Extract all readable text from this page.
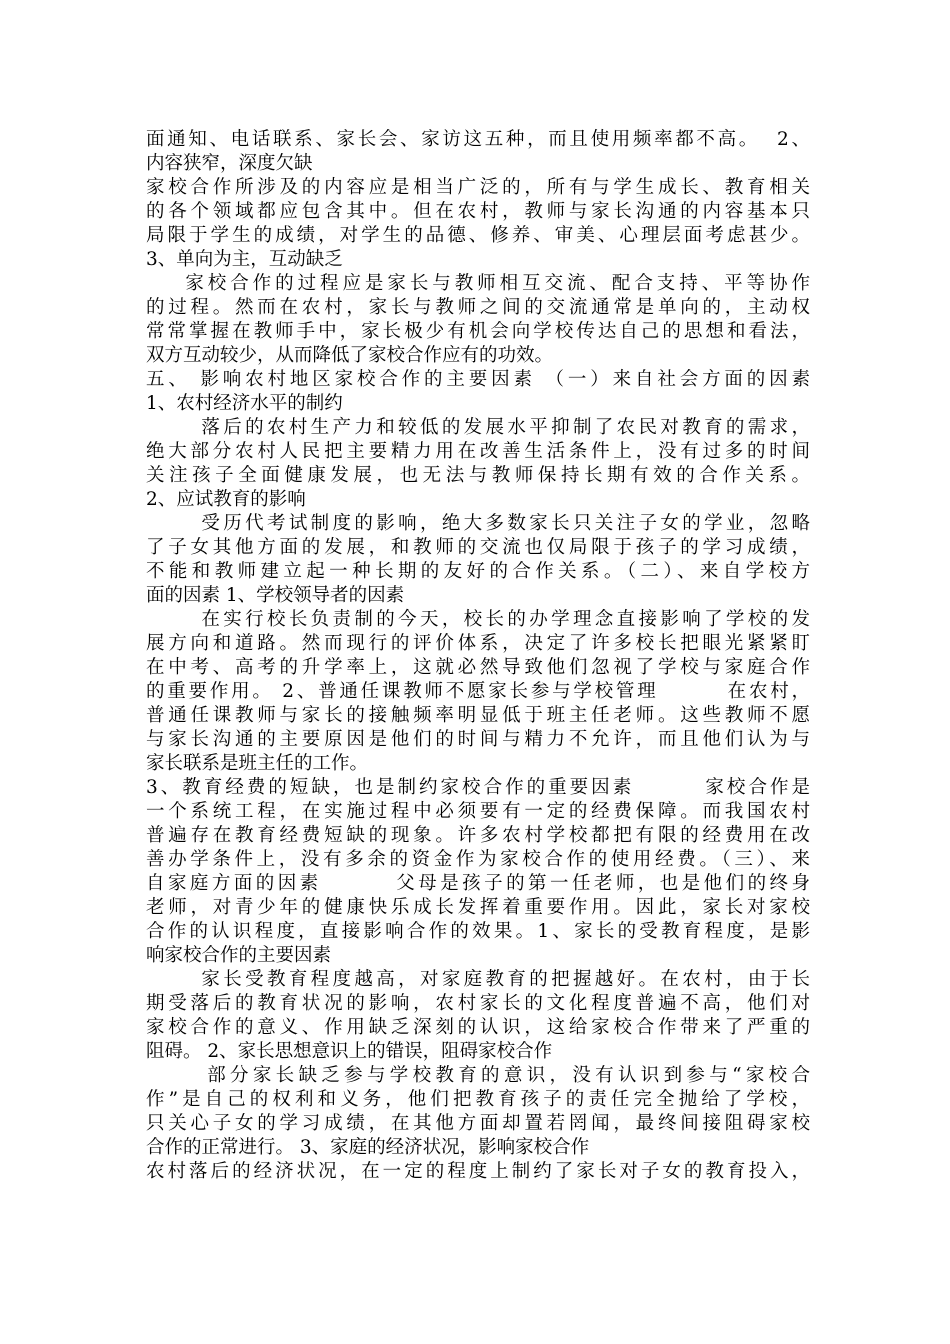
面通知、电话联系、家长会、家访这五种，而且使用频率都不高。  2、
内容狭窄，深度欠缺
家校合作所涉及的内容应是相当广泛的，所有与学生成长、教育相关
的各个领域都应包含其中。但在农村，教师与家长沟通的内容基本只
局限于学生的成绩，对学生的品德、修养、审美、心理层面考虑甚少。
3、单向为主，互动缺乏
家校合作的过程应是家长与教师相互交流、配合支持、平等协作
的过程。然而在农村，家长与教师之间的交流通常是单向的，主动权
常常掌握在教师手中，家长极少有机会向学校传达自己的思想和看法，
双方互动较少，从而降低了家校合作应有的功效。
五、 影响农村地区家校合作的主要因素 （一）来自社会方面的因素
1、农村经济水平的制约
落后的农村生产力和较低的发展水平抑制了农民对教育的需求，
绝大部分农村人民把主要精力用在改善生活条件上，没有过多的时间
关注孩子全面健康发展，也无法与教师保持长期有效的合作关系。
2、应试教育的影响
受历代考试制度的影响，绝大多数家长只关注子女的学业，忽略
了子女其他方面的发展，和教师的交流也仅局限于孩子的学习成绩，
不能和教师建立起一种长期的友好的合作关系。（二）、来自学校方
面的因素 1、学校领导者的因素
在实行校长负责制的今天，校长的办学理念直接影响了学校的发
展方向和道路。然而现行的评价体系，决定了许多校长把眼光紧紧盯
在中考、高考的升学率上，这就必然导致他们忽视了学校与家庭合作
的重要作用。 2、普通任课教师不愿家长参与学校管理        在农村，
普通任课教师与家长的接触频率明显低于班主任老师。这些教师不愿
与家长沟通的主要原因是他们的时间与精力不允许，而且他们认为与
家长联系是班主任的工作。
3、教育经费的短缺，也是制约家校合作的重要因素        家校合作是
一个系统工程，在实施过程中必须要有一定的经费保障。而我国农村
普遍存在教育经费短缺的现象。许多农村学校都把有限的经费用在改
善办学条件上，没有多余的资金作为家校合作的使用经费。（三）、来
自家庭方面的因素        父母是孩子的第一任老师，也是他们的终身
老师，对青少年的健康快乐成长发挥着重要作用。因此，家长对家校
合作的认识程度，直接影响合作的效果。1、家长的受教育程度，是影
响家校合作的主要因素
家长受教育程度越高，对家庭教育的把握越好。在农村，由于长
期受落后的教育状况的影响，农村家长的文化程度普遍不高，他们对
家校合作的意义、作用缺乏深刻的认识，这给家校合作带来了严重的
阻碍。 2、家长思想意识上的错误，阻碍家校合作
部分家长缺乏参与学校教育的意识，没有认识到参与“家校合
作”是自己的权利和义务，他们把教育孩子的责任完全抛给了学校，
只关心子女的学习成绩，在其他方面却置若罔闻，最终间接阻碍家校
合作的正常进行。 3、家庭的经济状况，影响家校合作
农村落后的经济状况，在一定的程度上制约了家长对子女的教育投入，
